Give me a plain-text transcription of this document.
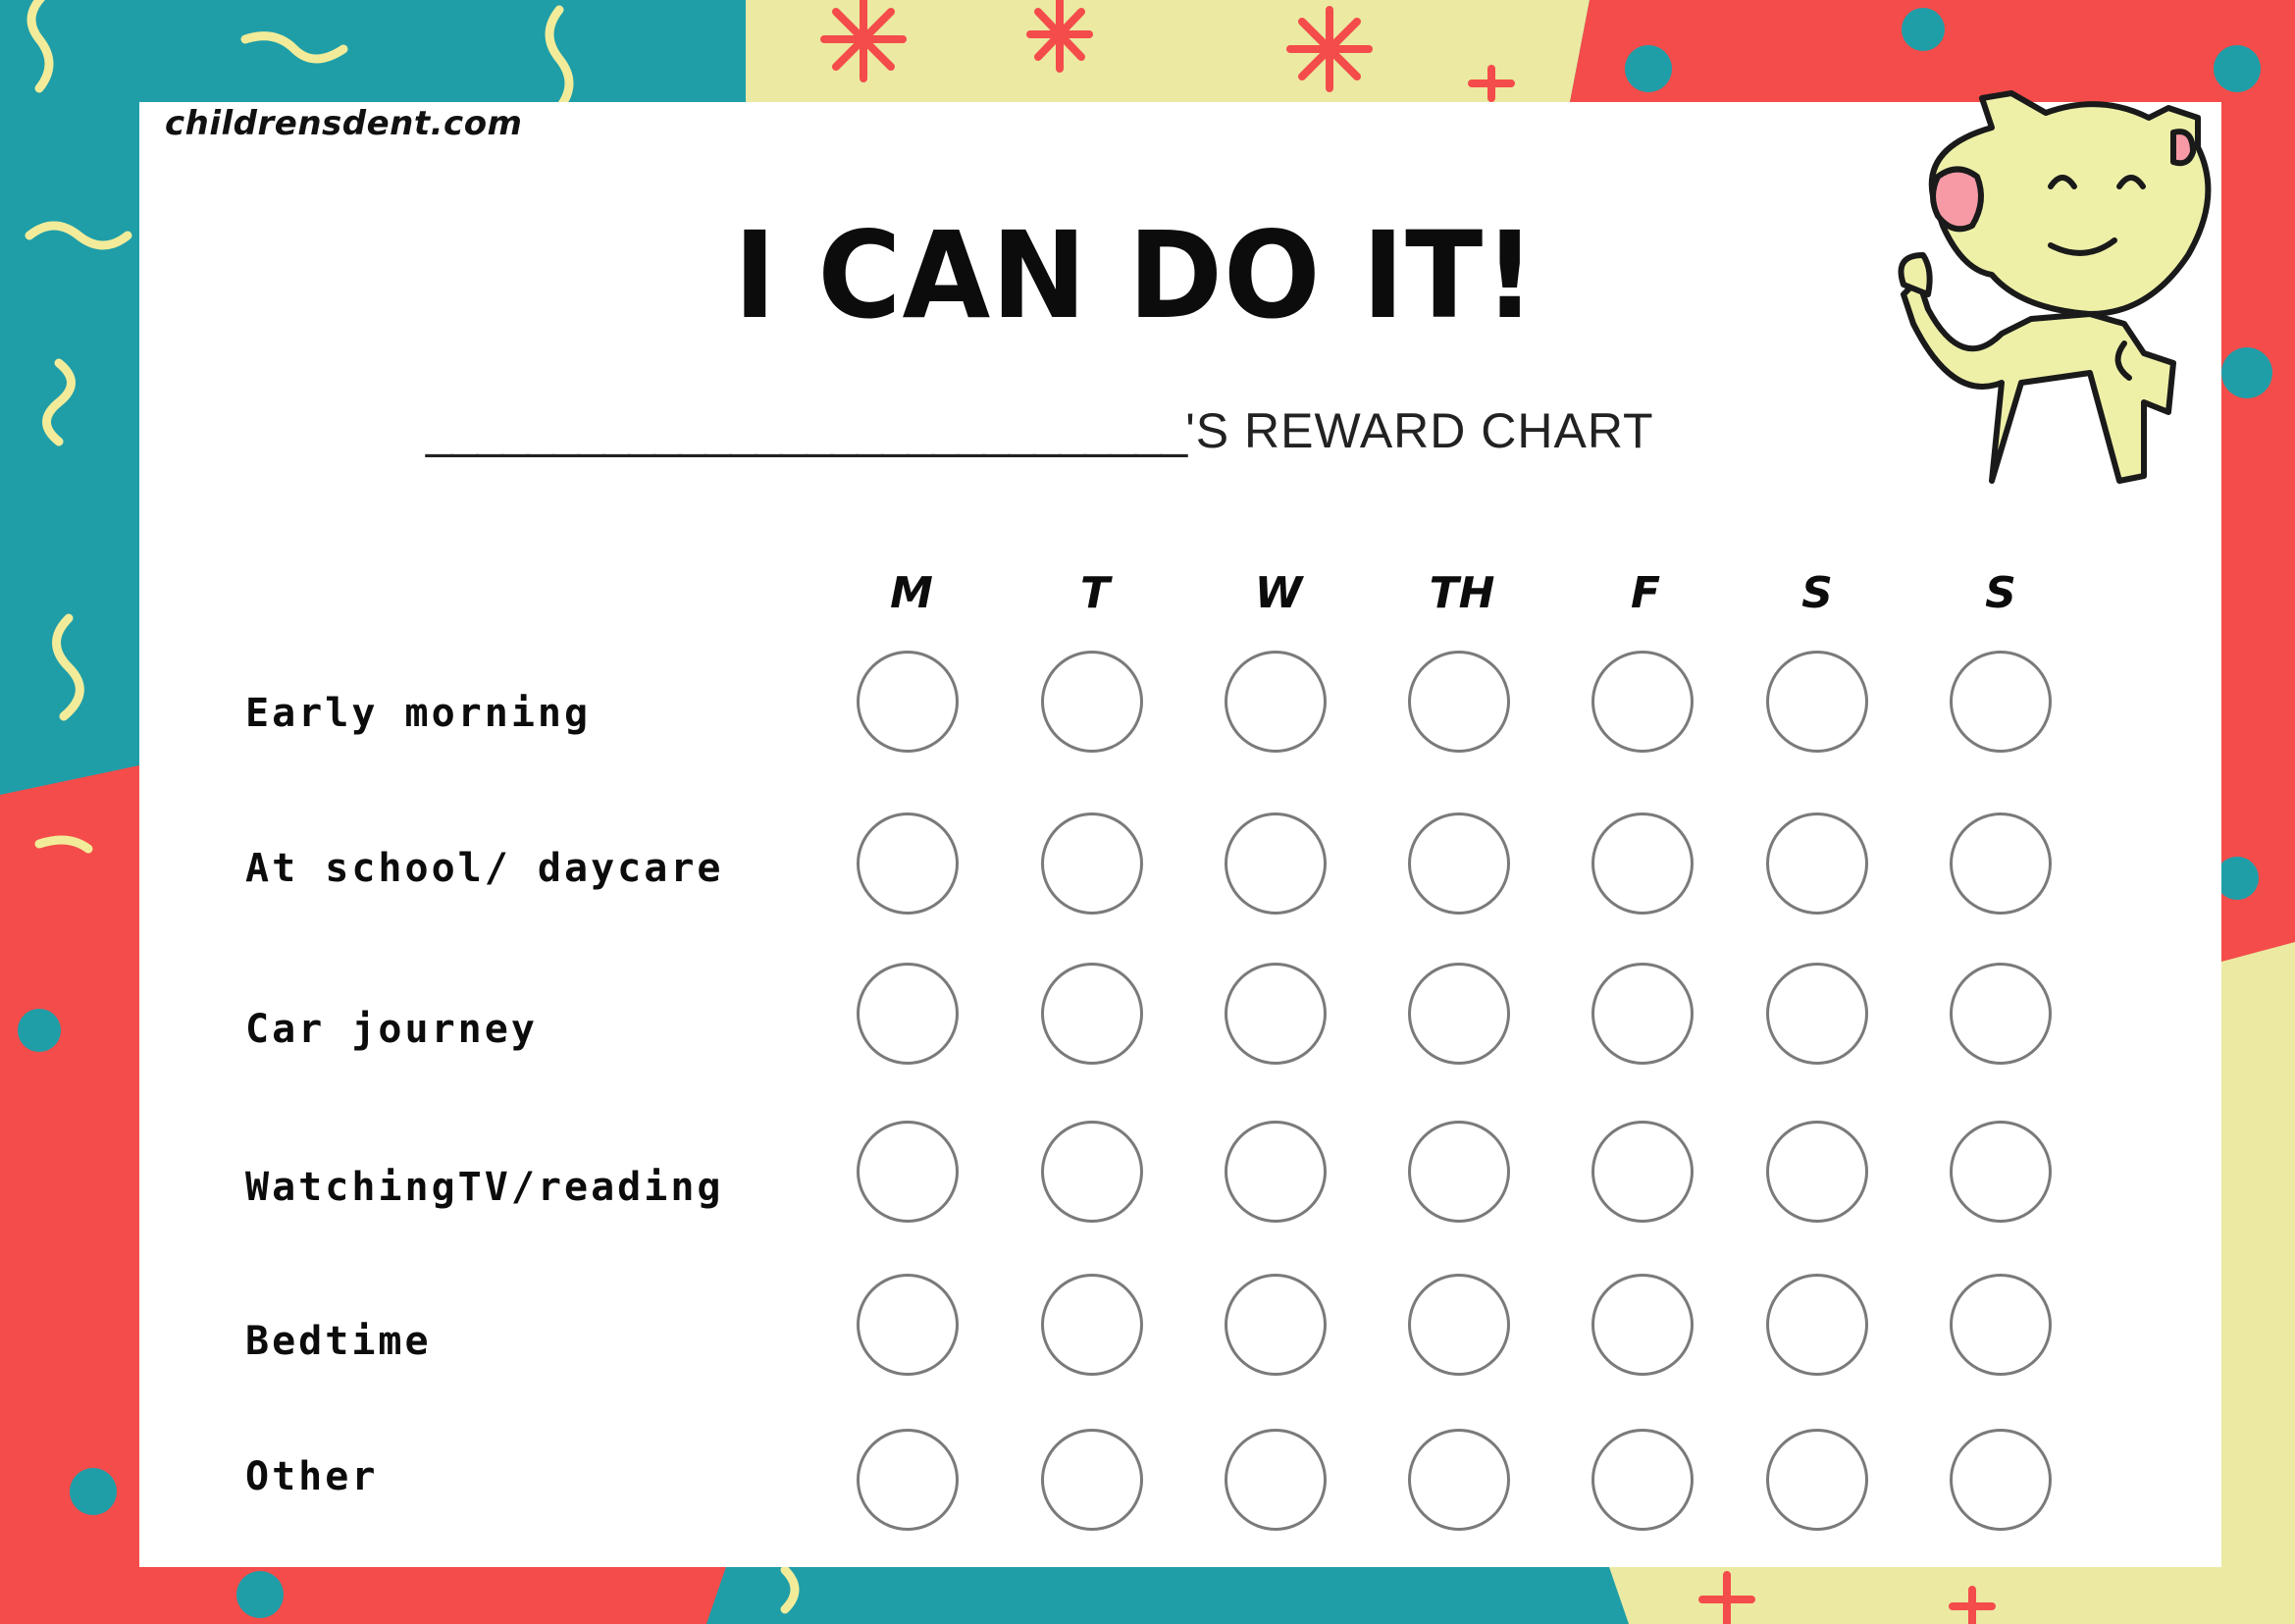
childrensdent.com
I CAN DO IT!
______________________________'S REWARD CHART
M	T	W	TH	F	S	S
Early morning
At school/ daycare
Car journey
WatchingTV/reading
Bedtime
Other
